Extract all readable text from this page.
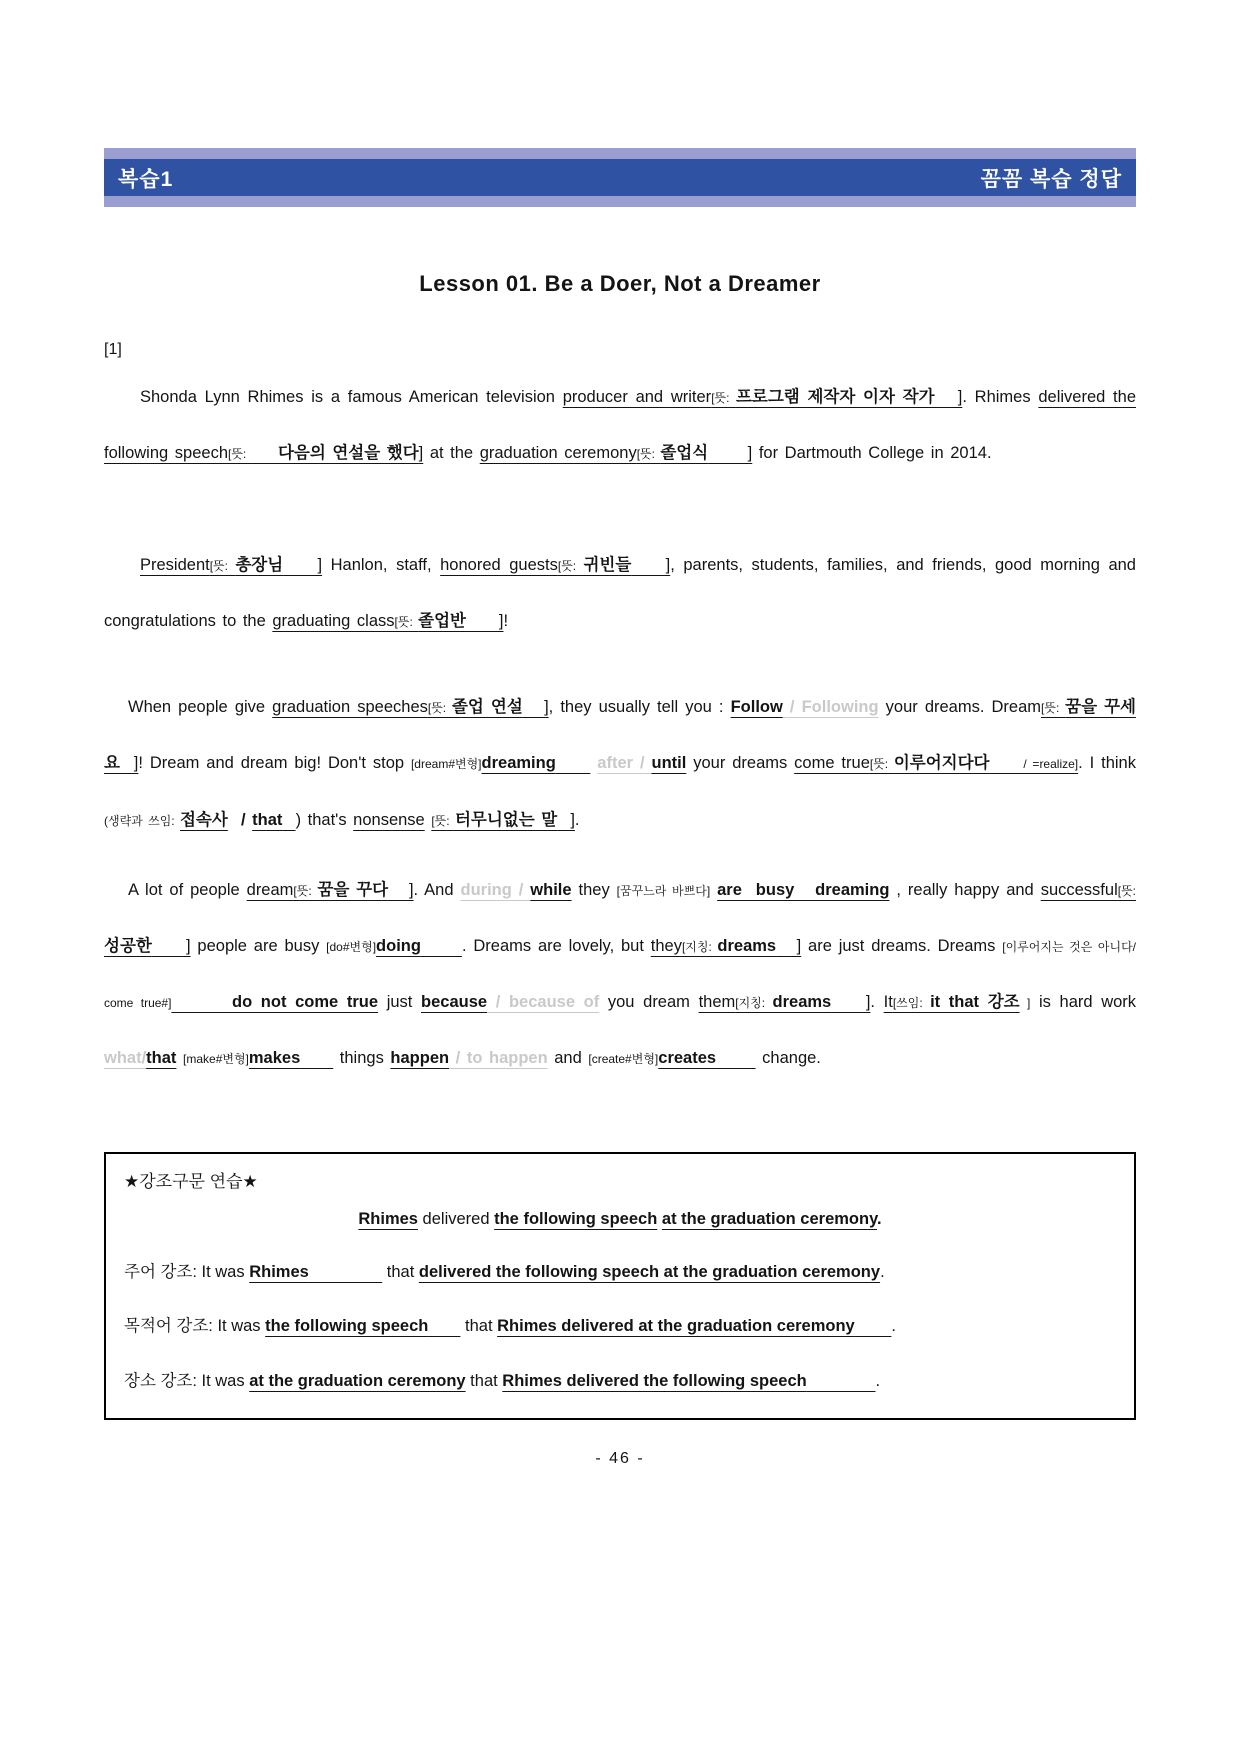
복습1	꼼꼼 복습 정답
Lesson 01. Be a Doer, Not a Dreamer
[1]

Shonda Lynn Rhimes is a famous American television producer and writer[뜻: 프로그램 제작자 이자 작가   ]. Rhimes delivered the following speech[뜻:     다음의 연설을 했다] at the graduation ceremony[뜻: 졸업식      ] for Dartmouth College in 2014.

President[뜻: 총장님    ] Hanlon, staff, honored guests[뜻: 귀빈들    ], parents, students, families, and friends, good morning and congratulations to the graduating class[뜻: 졸업반     ]!

When people give graduation speeches[뜻: 졸업 연설   ], they usually tell you : Follow / Following your dreams. Dream[뜻: 꿈을 꾸세요  ]! Dream and dream big! Don't stop [dream#변형]dreaming	after / until your dreams come true[뜻: 이루어지다다      / =realize]. I think (생략과 쓰임: 접속사  / that ) that's nonsense [뜻: 터무니없는 말  ].

A lot of people dream[뜻: 꿈을 꾸다   ]. And during / while they [꿈꾸느라 바쁘다] are  busy   dreaming , really happy and successful[뜻: 성공한     ] people are busy [do#변형]doing . Dreams are lovely, but they[지칭: dreams   ] are just dreams. Dreams [이루어지는 것은 아니다/ come true#]	do not come true just because / because of you dream them[지칭: dreams    ]. It[쓰임: it that 강조 ] is hard work what/that [make#변형]makes      things happen / to happen and [create#변형]creates       change.

★강조구문 연습★
Rhimes delivered the following speech at the graduation ceremony.
주어 강조: It was Rhimes	that delivered the following speech at the graduation ceremony.
목적어 강조: It was the following speech        that Rhimes delivered at the graduation ceremony .
장소 강조: It was at the graduation ceremony that Rhimes delivered the following speech	.
- 46 -
